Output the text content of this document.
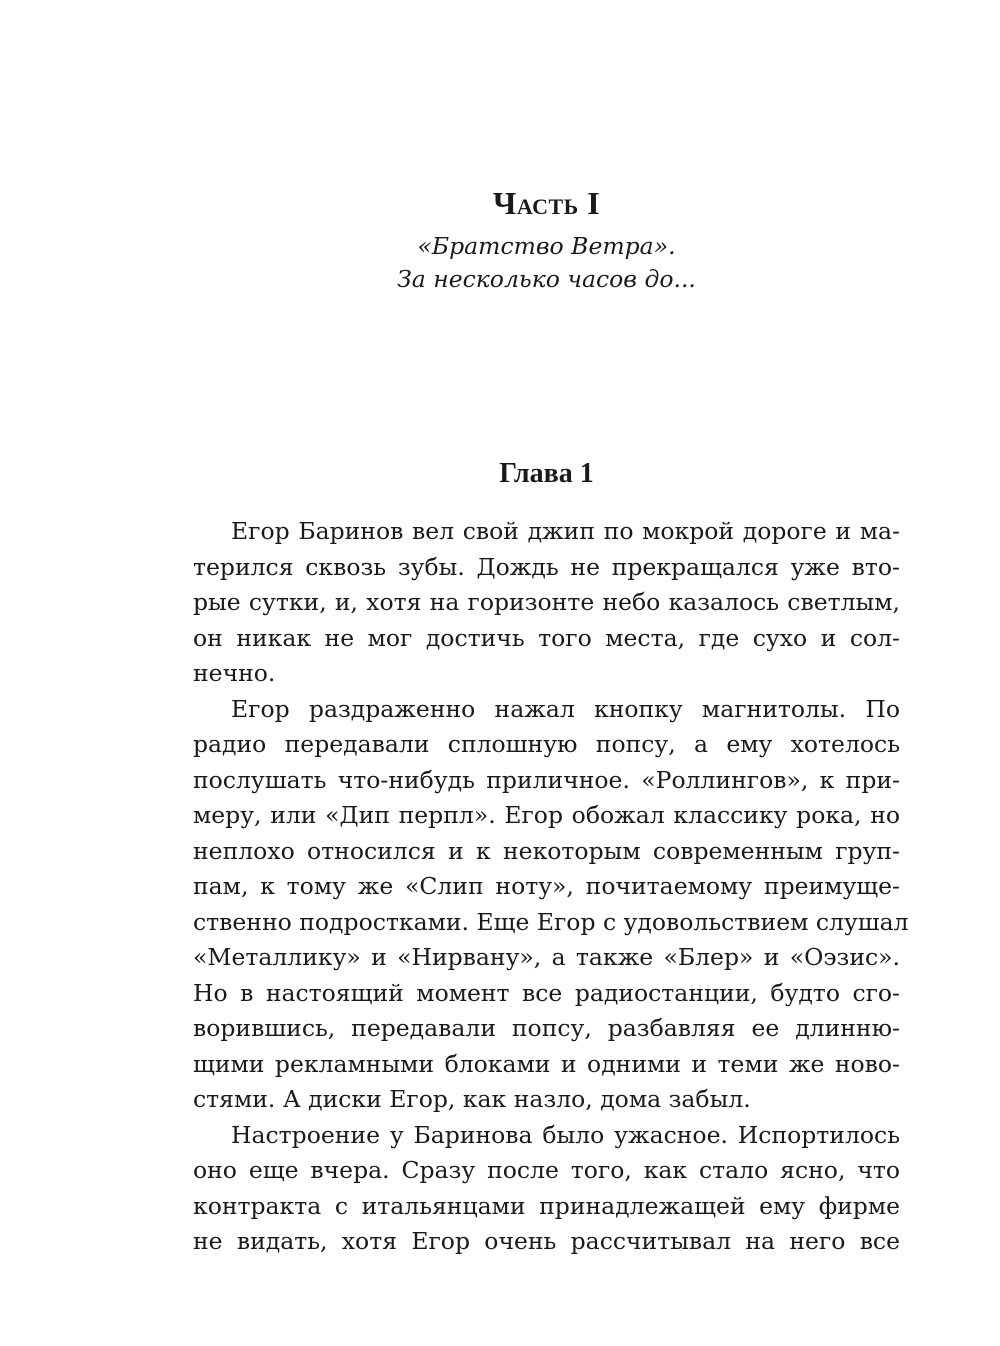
Часть I
«Братство Ветра».
За несколько часов до...
Глава 1
Егор Баринов вел свой джип по мокрой дороге и ма-
терился сквозь зубы. Дождь не прекращался уже вто-
рые сутки, и, хотя на горизонте небо казалось светлым,
он никак не мог достичь того места, где сухо и сол-
нечно.
Егор раздраженно нажал кнопку магнитолы. По
радио передавали сплошную попсу, а ему хотелось
послушать что-нибудь приличное. «Роллингов», к при-
меру, или «Дип перпл». Егор обожал классику рока, но
неплохо относился и к некоторым современным груп-
пам, к тому же «Слип ноту», почитаемому преимуще-
ственно подростками. Еще Егор с удовольствием слушал
«Металлику» и «Нирвану», а также «Блер» и «Оэзис».
Но в настоящий момент все радиостанции, будто сго-
ворившись, передавали попсу, разбавляя ее длинню-
щими рекламными блоками и одними и теми же ново-
стями. А диски Егор, как назло, дома забыл.
Настроение у Баринова было ужасное. Испортилось
оно еще вчера. Сразу после того, как стало ясно, что
контракта с итальянцами принадлежащей ему фирме
не видать, хотя Егор очень рассчитывал на него все
